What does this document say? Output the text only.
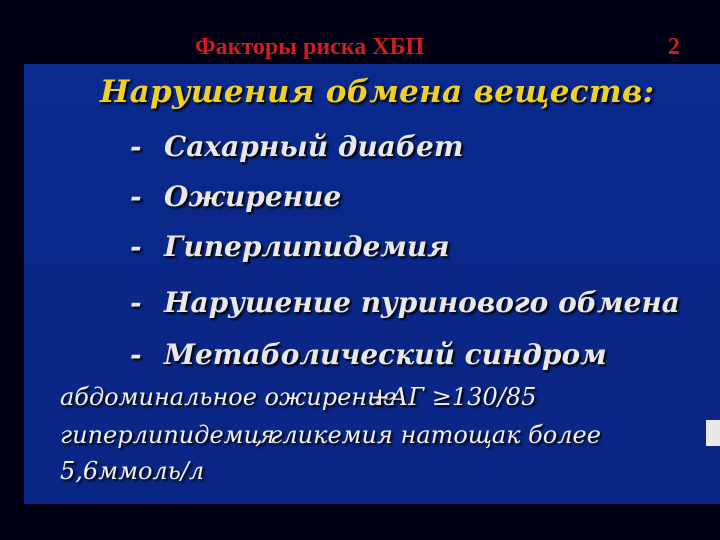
Факторы риска ХБП	2
Нарушения обмена веществ:
- Сахарный диабет
- Ожирение
- Гиперлипидемия
- Нарушение пуринового обмена
- Метаболический синдром
абдоминальное ожирение
+АГ ≥130/85
гиперлипидемия
, гликемия натощак более
5,6ммоль/л
